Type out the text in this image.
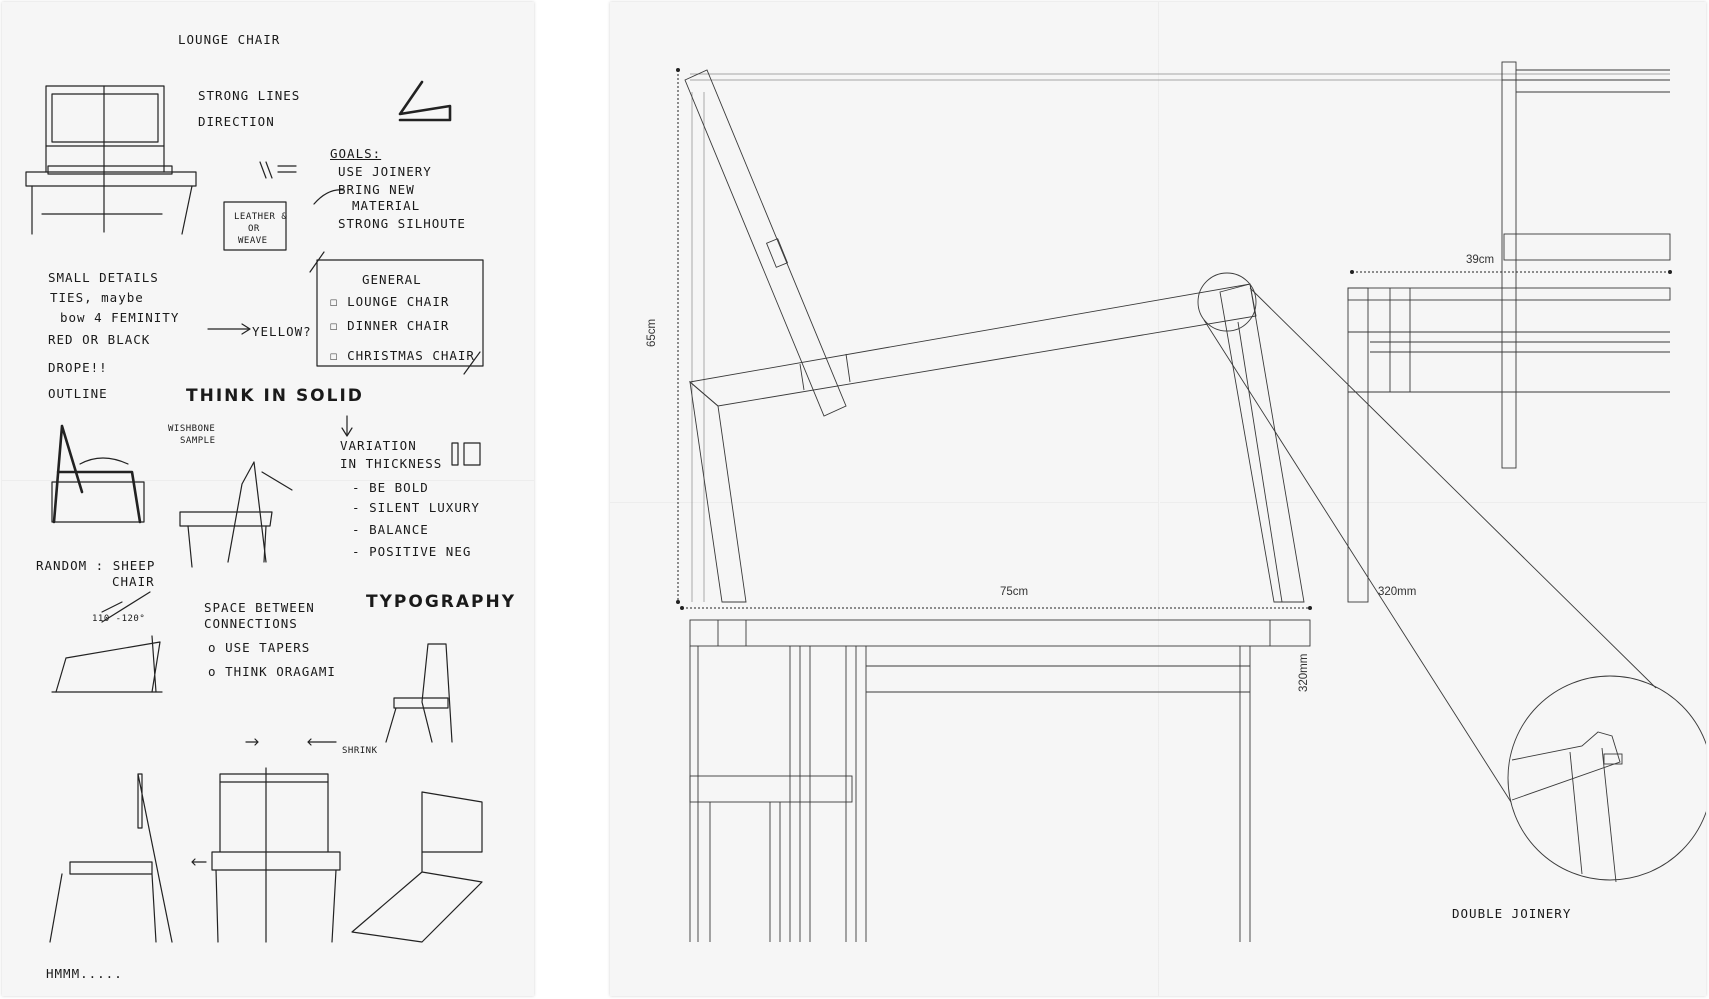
LOUNGE CHAIR
STRONG LINES
DIRECTION
GOALS:
USE JOINERY
BRING NEW
MATERIAL
STRONG SILHOUTE
LEATHER &
OR
WEAVE
SMALL DETAILS
TIES, maybe
bow 4 FEMINITY
RED OR BLACK
YELLOW?
DROPE!!
OUTLINE
GENERAL
☐ LOUNGE CHAIR
☐ DINNER CHAIR
☐ CHRISTMAS CHAIR
THINK IN SOLID
WISHBONE
SAMPLE	VARIATION
IN THICKNESS
- BE BOLD
- SILENT LUXURY
- BALANCE
- POSITIVE NEG
RANDOM : SHEEP
CHAIR
110 -120°
SPACE BETWEEN
CONNECTIONS
o USE TAPERS
o THINK ORAGAMI
TYPOGRAPHY
SHRINK
HMMM.....
65cm
75cm
39cm
320mm
320mm
DOUBLE JOINERY
